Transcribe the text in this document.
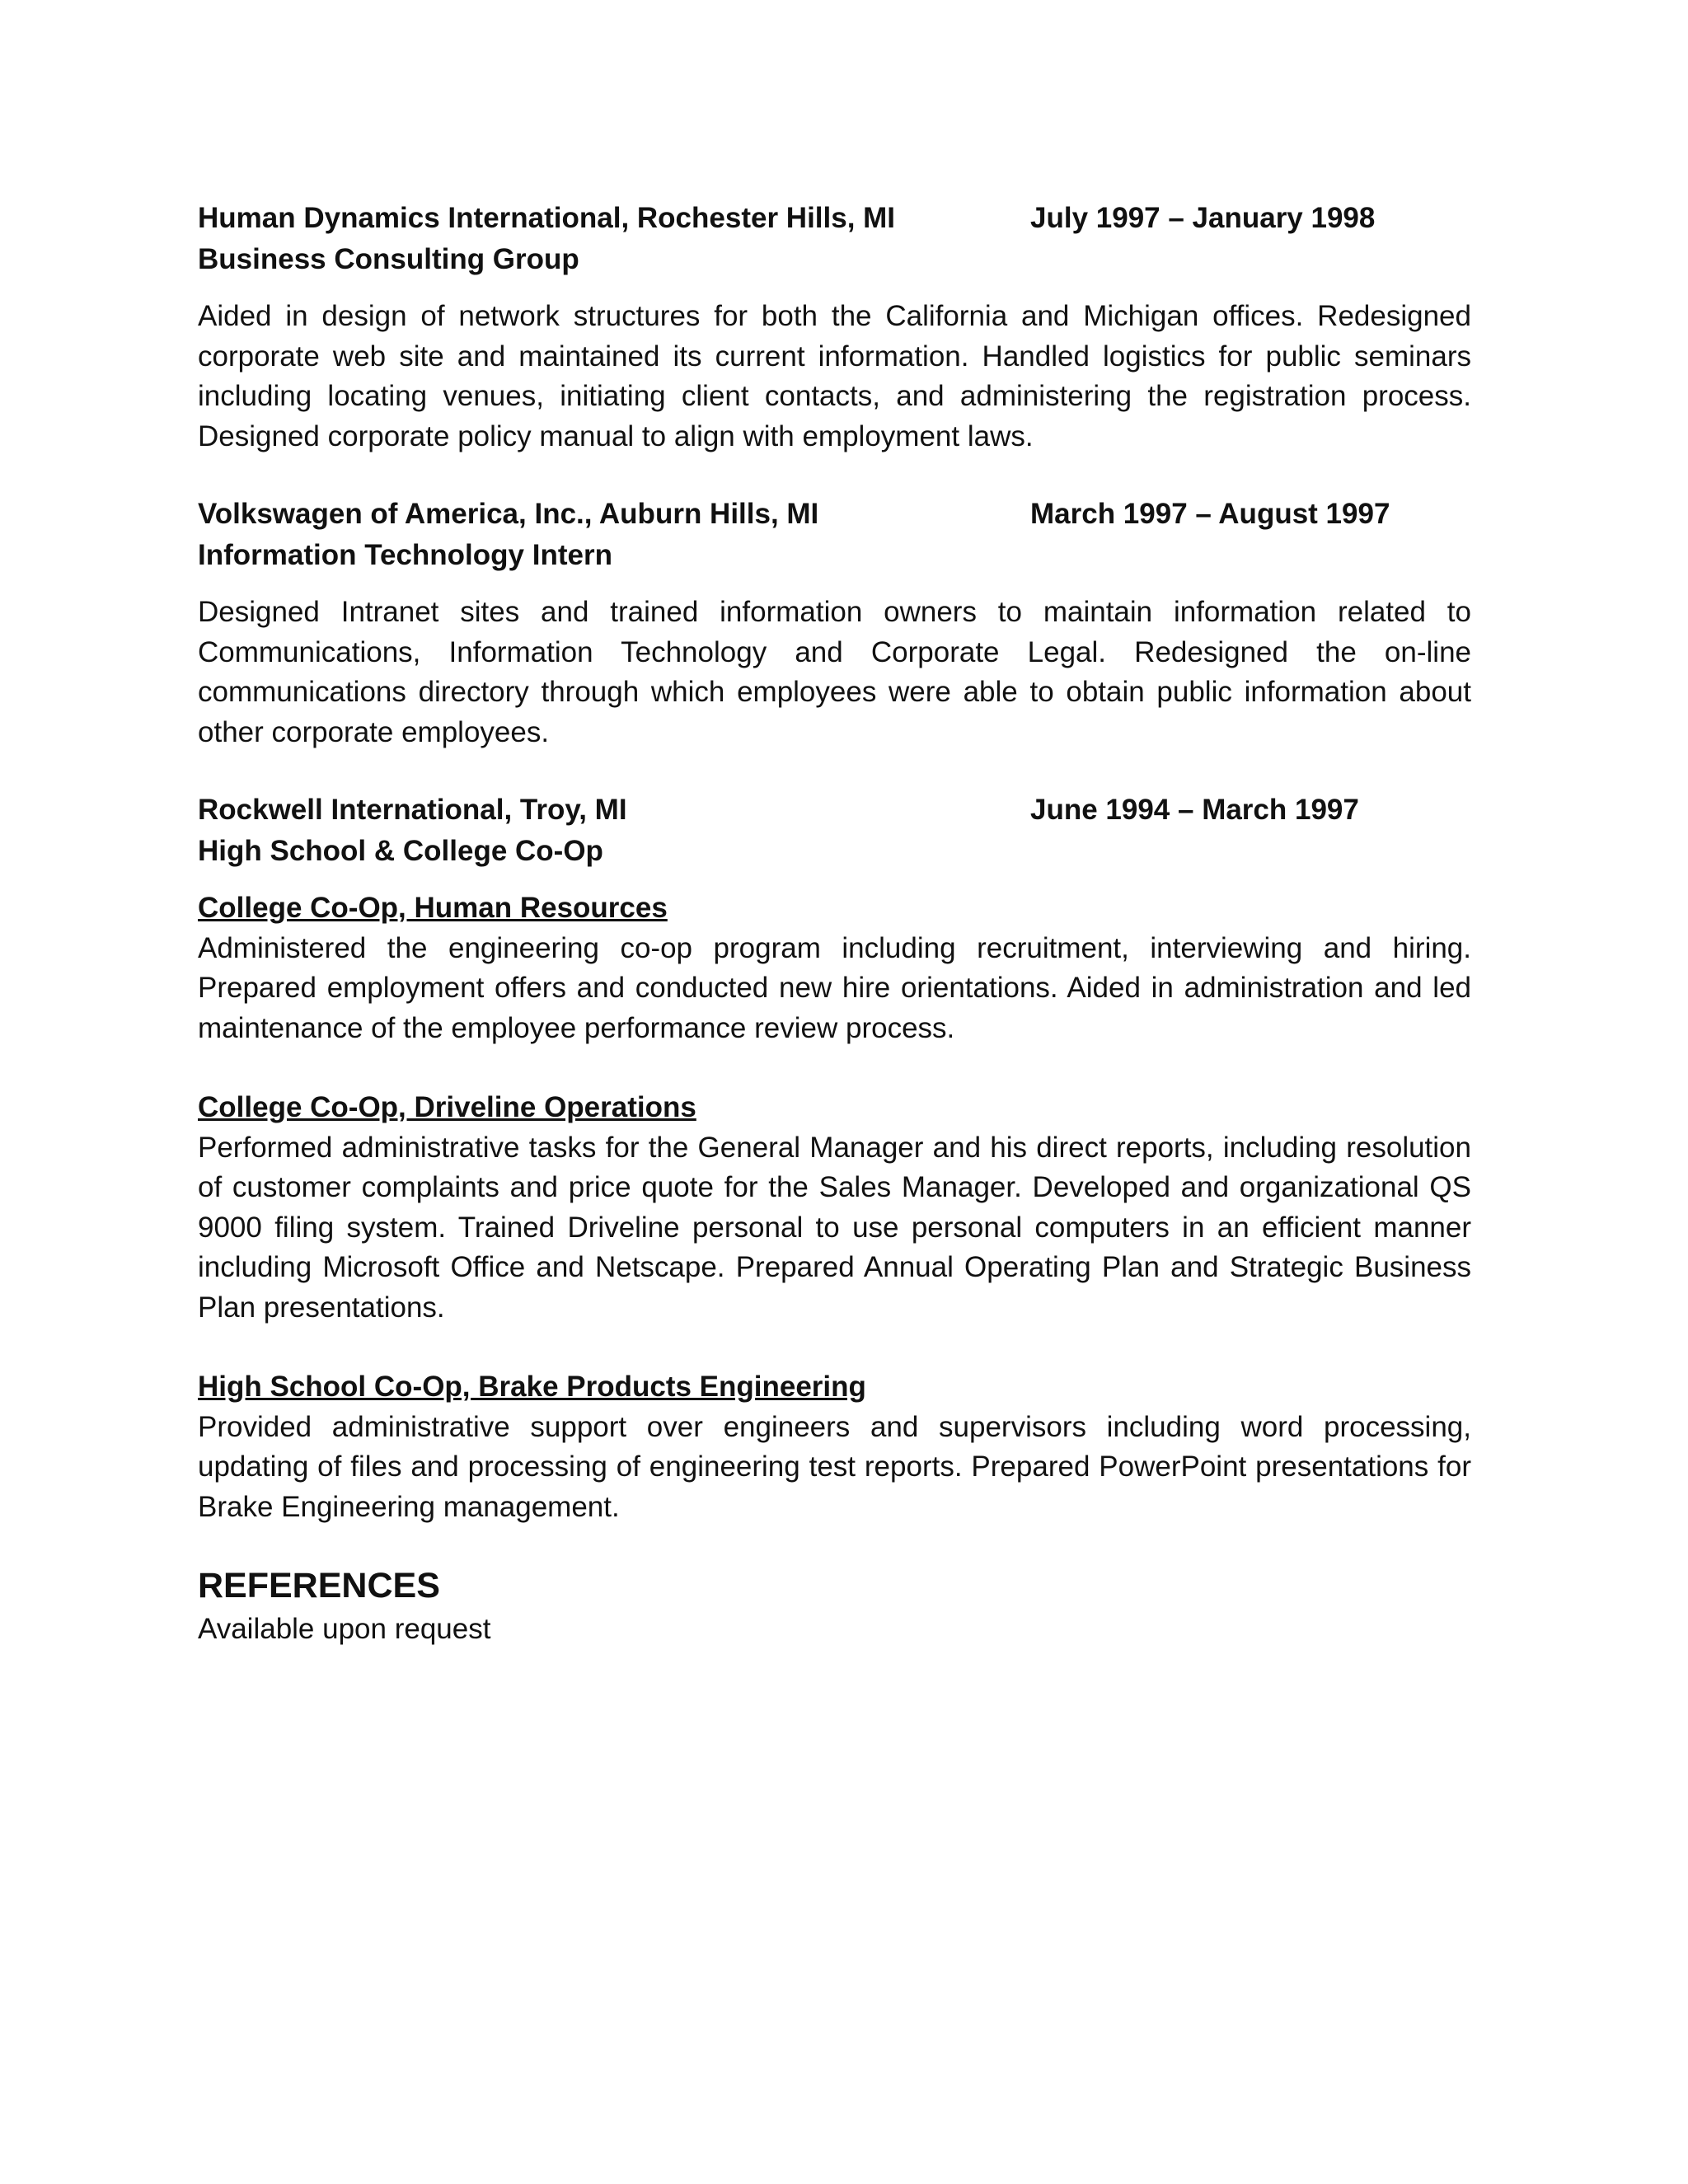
Human Dynamics International, Rochester Hills, MI	July 1997 – January 1998
Business Consulting Group

Aided in design of network structures for both the California and Michigan offices. Redesigned corporate web site and maintained its current information. Handled logistics for public seminars including locating venues, initiating client contacts, and administering the registration process. Designed corporate policy manual to align with employment laws.

Volkswagen of America, Inc., Auburn Hills, MI	March 1997 – August 1997
Information Technology Intern

Designed Intranet sites and trained information owners to maintain information related to Communications, Information Technology and Corporate Legal. Redesigned the on-line communications directory through which employees were able to obtain public information about other corporate employees.

Rockwell International, Troy, MI	June 1994 – March 1997
High School & College Co-Op
College Co-Op, Human Resources

Administered the engineering co-op program including recruitment, interviewing and hiring. Prepared employment offers and conducted new hire orientations. Aided in administration and led maintenance of the employee performance review process.

College Co-Op, Driveline Operations

Performed administrative tasks for the General Manager and his direct reports, including resolution of customer complaints and price quote for the Sales Manager. Developed and organizational QS 9000 filing system. Trained Driveline personal to use personal computers in an efficient manner including Microsoft Office and Netscape. Prepared Annual Operating Plan and Strategic Business Plan presentations.

High School Co-Op, Brake Products Engineering

Provided administrative support over engineers and supervisors including word processing, updating of files and processing of engineering test reports. Prepared PowerPoint presentations for Brake Engineering management.

REFERENCES
Available upon request
